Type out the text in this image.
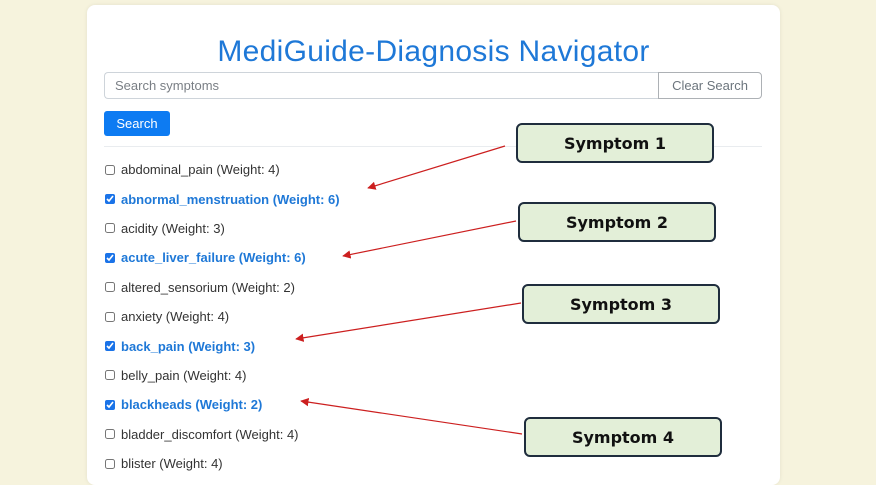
MediGuide-Diagnosis Navigator
Search symptoms
Clear Search
Search
abdominal_pain (Weight: 4)
abnormal_menstruation (Weight: 6)
acidity (Weight: 3)
acute_liver_failure (Weight: 6)
altered_sensorium (Weight: 2)
anxiety (Weight: 4)
back_pain (Weight: 3)
belly_pain (Weight: 4)
blackheads (Weight: 2)
bladder_discomfort (Weight: 4)
blister (Weight: 4)
Symptom 1
Symptom 2
Symptom 3
Symptom 4
